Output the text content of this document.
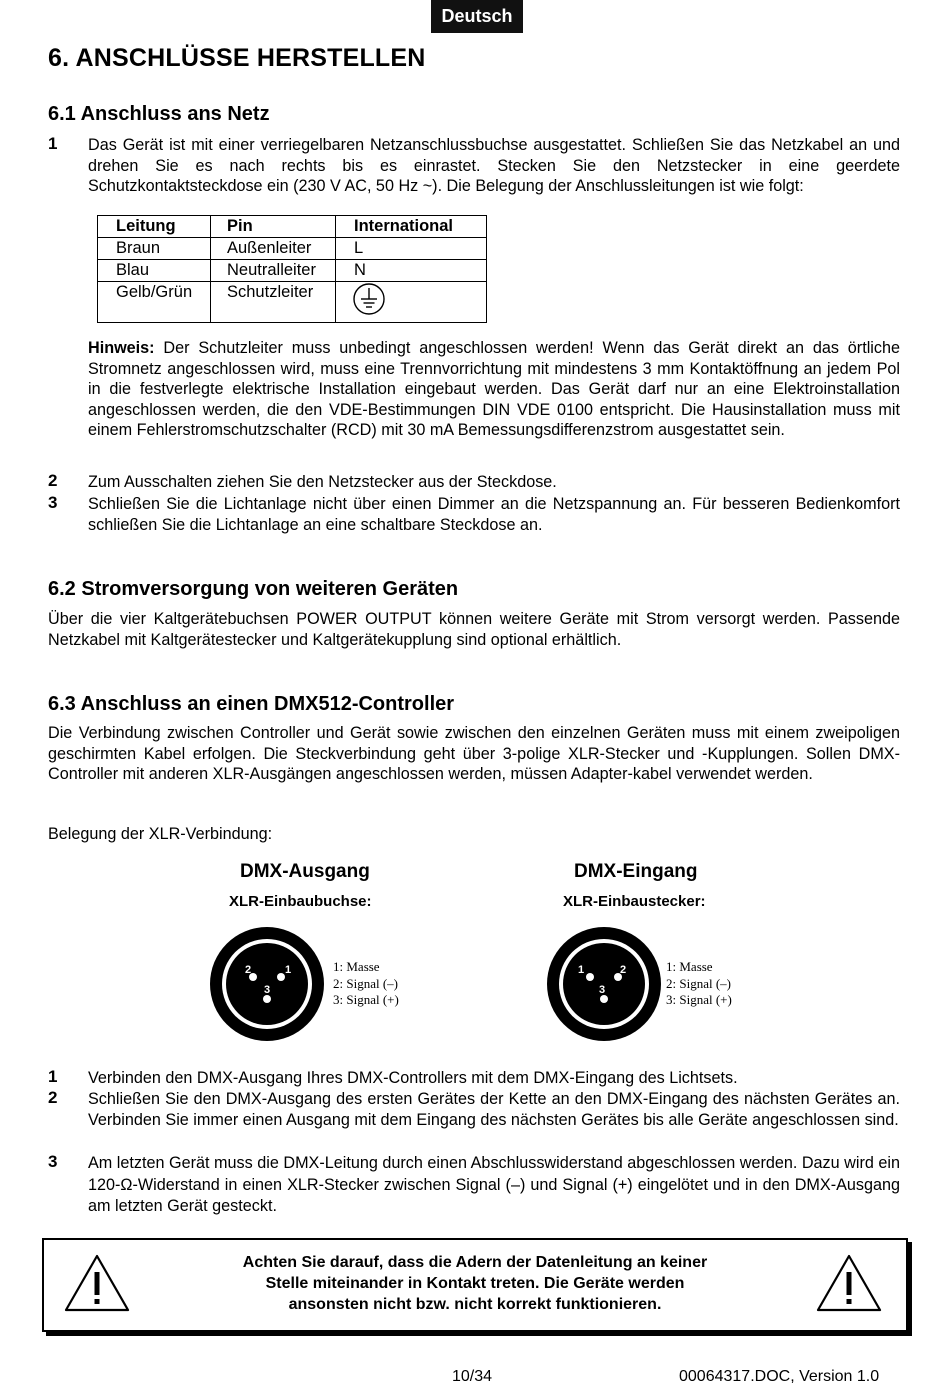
Deutsch
6. ANSCHLÜSSE HERSTELLEN
6.1 Anschluss ans Netz
1 Das Gerät ist mit einer verriegelbaren Netzanschlussbuchse ausgestattet. Schließen Sie das Netzkabel an und drehen Sie es nach rechts bis es einrastet. Stecken Sie den Netzstecker in eine geerdete Schutzkontaktsteckdose ein (230 V AC, 50 Hz ~). Die Belegung der Anschlussleitungen ist wie folgt:
Leitung	Pin	International
Braun	Außenleiter	L
Blau	Neutralleiter	N
Gelb/Grün	Schutzleiter	
Hinweis: Der Schutzleiter muss unbedingt angeschlossen werden! Wenn das Gerät direkt an das örtliche Stromnetz angeschlossen wird, muss eine Trennvorrichtung mit mindestens 3 mm Kontaktöffnung an jedem Pol in die festverlegte elektrische Installation eingebaut werden. Das Gerät darf nur an eine Elektroinstallation angeschlossen werden, die den VDE-Bestimmungen DIN VDE 0100 entspricht. Die Hausinstallation muss mit einem Fehlerstromschutzschalter (RCD) mit 30 mA Bemessungsdifferenzstrom ausgestattet sein.
2 Zum Ausschalten ziehen Sie den Netzstecker aus der Steckdose.
3 Schließen Sie die Lichtanlage nicht über einen Dimmer an die Netzspannung an. Für besseren Bedienkomfort schließen Sie die Lichtanlage an eine schaltbare Steckdose an.
6.2 Stromversorgung von weiteren Geräten
Über die vier Kaltgerätebuchsen POWER OUTPUT können weitere Geräte mit Strom versorgt werden. Passende Netzkabel mit Kaltgerätestecker und Kaltgerätekupplung sind optional erhältlich.
6.3 Anschluss an einen DMX512-Controller
Die Verbindung zwischen Controller und Gerät sowie zwischen den einzelnen Geräten muss mit einem zweipoligen geschirmten Kabel erfolgen. Die Steckverbindung geht über 3-polige XLR-Stecker und -Kupplungen. Sollen DMX-Controller mit anderen XLR-Ausgängen angeschlossen werden, müssen Adapter-kabel verwendet werden.
Belegung der XLR-Verbindung:
DMX-Ausgang
XLR-Einbaubuchse:
2	1
3
1: Masse
2: Signal (–)
3: Signal (+)
DMX-Eingang
XLR-Einbaustecker:
1	2
3
1: Masse
2: Signal (–)
3: Signal (+)
1 Verbinden den DMX-Ausgang Ihres DMX-Controllers mit dem DMX-Eingang des Lichtsets.
2 Schließen Sie den DMX-Ausgang des ersten Gerätes der Kette an den DMX-Eingang des nächsten Gerätes an. Verbinden Sie immer einen Ausgang mit dem Eingang des nächsten Gerätes bis alle Geräte angeschlossen sind.
3 Am letzten Gerät muss die DMX-Leitung durch einen Abschlusswiderstand abgeschlossen werden. Dazu wird ein 120-Ω-Widerstand in einen XLR-Stecker zwischen Signal (–) und Signal (+) eingelötet und in den DMX-Ausgang am letzten Gerät gesteckt.
Achten Sie darauf, dass die Adern der Datenleitung an keiner
Stelle miteinander in Kontakt treten. Die Geräte werden
ansonsten nicht bzw. nicht korrekt funktionieren.
10/34	00064317.DOC, Version 1.0
